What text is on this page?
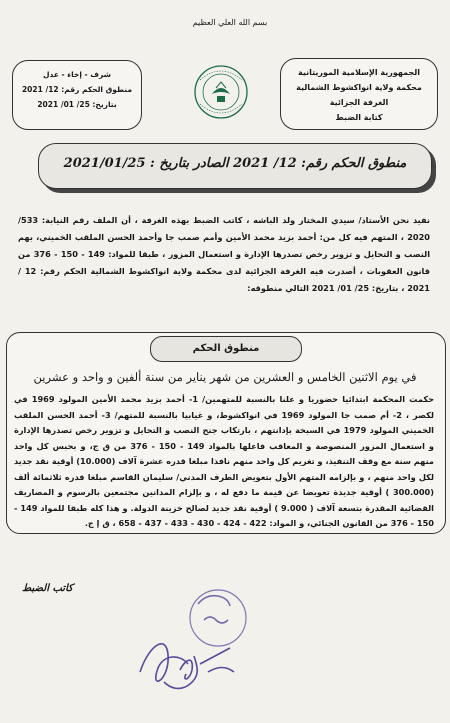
بسم الله العلي العظيم
شرف - إخاء - عدل
منطوق الحكم رقم: 12/ 2021
بتاريخ: 25/ 01/ 2021
الجمهورية الإسلامية الموريتانية
محكمة ولاية انواكشوط الشمالية
الغرفة الجزائية
كتابة الضبط
منطوق الحكم رقم: 12/ 2021 الصادر بتاريخ : 2021/01/25
نفيد نحن الأستاذ/ سيدي المختار ولد الباشه ، كاتب الضبط بهذه الغرفة ، أن الملف رقم النيابة: 533/ 2020 ، المتهم فيه كل من: أحمد بزيد محمد الأمين وأمم صمب جا وأحمد الحسن الملقب الخميني، بهم النصب و التحايل و تزوير رخص تصدرها الإدارة و استعمال المزور ، طبقا للمواد: 149 - 150 - 376 من قانون العقوبات ، أصدرت فيه الغرفة الجزائية لدى محكمة ولاية انواكشوط الشمالية الحكم رقم: 12 / 2021 ، بتاريخ: 25/ 01/ 2021 التالي منطوقه:
منطوق الحكم
في يوم الاثنين الخامس و العشرين من شهر يناير من سنة ألفين و واحد و عشرين
حكمت المحكمة ابتدائيا حضوريا و علنا بالنسبة للمتهمين/ 1- أحمد بزيد محمد الأمين المولود 1969 في لكصر ، 2- أم صمب جا المولود 1969 في انواكشوط، و غيابيا بالنسبة للمتهم/ 3- أحمد الحسن الملقب الخميني المولود 1979 في السبخة بإدانتهم ، بارتكاب جنح النصب و التحايل و تزوير رخص تصدرها الإدارة و استعمال المزور المنصوصة و المعاقب فاعلها بالمواد 149 - 150 - 376 من ق ج، و بحبس كل واحد منهم سنة مع وقف التنفيذ، و تغريم كل واحد منهم نافذا مبلغا قدره عشرة آلاف (10.000) أوقية نقد جديد لكل واحد منهم ، و بإلزامه المتهم الأول بتعويض الطرف المدني/ سليمان القاسم مبلغا قدره ثلاثمائة ألف (300.000 ) أوقية جديدة تعويضا عن قيمة ما دفع له ، و بإلزام المدانين مجتمعين بالرسوم و المصاريف القضائية المقدرة بتسعة آلاف ( 9.000 ) أوقية نقد جديد لصالح خزينة الدولة. و هذا كله طبقا للمواد 149 - 150 - 376 من القانون الجنائي، و المواد: 422 - 424 - 430 - 433 - 437 - 658 ، ق إ ج.
كاتب الضبط
